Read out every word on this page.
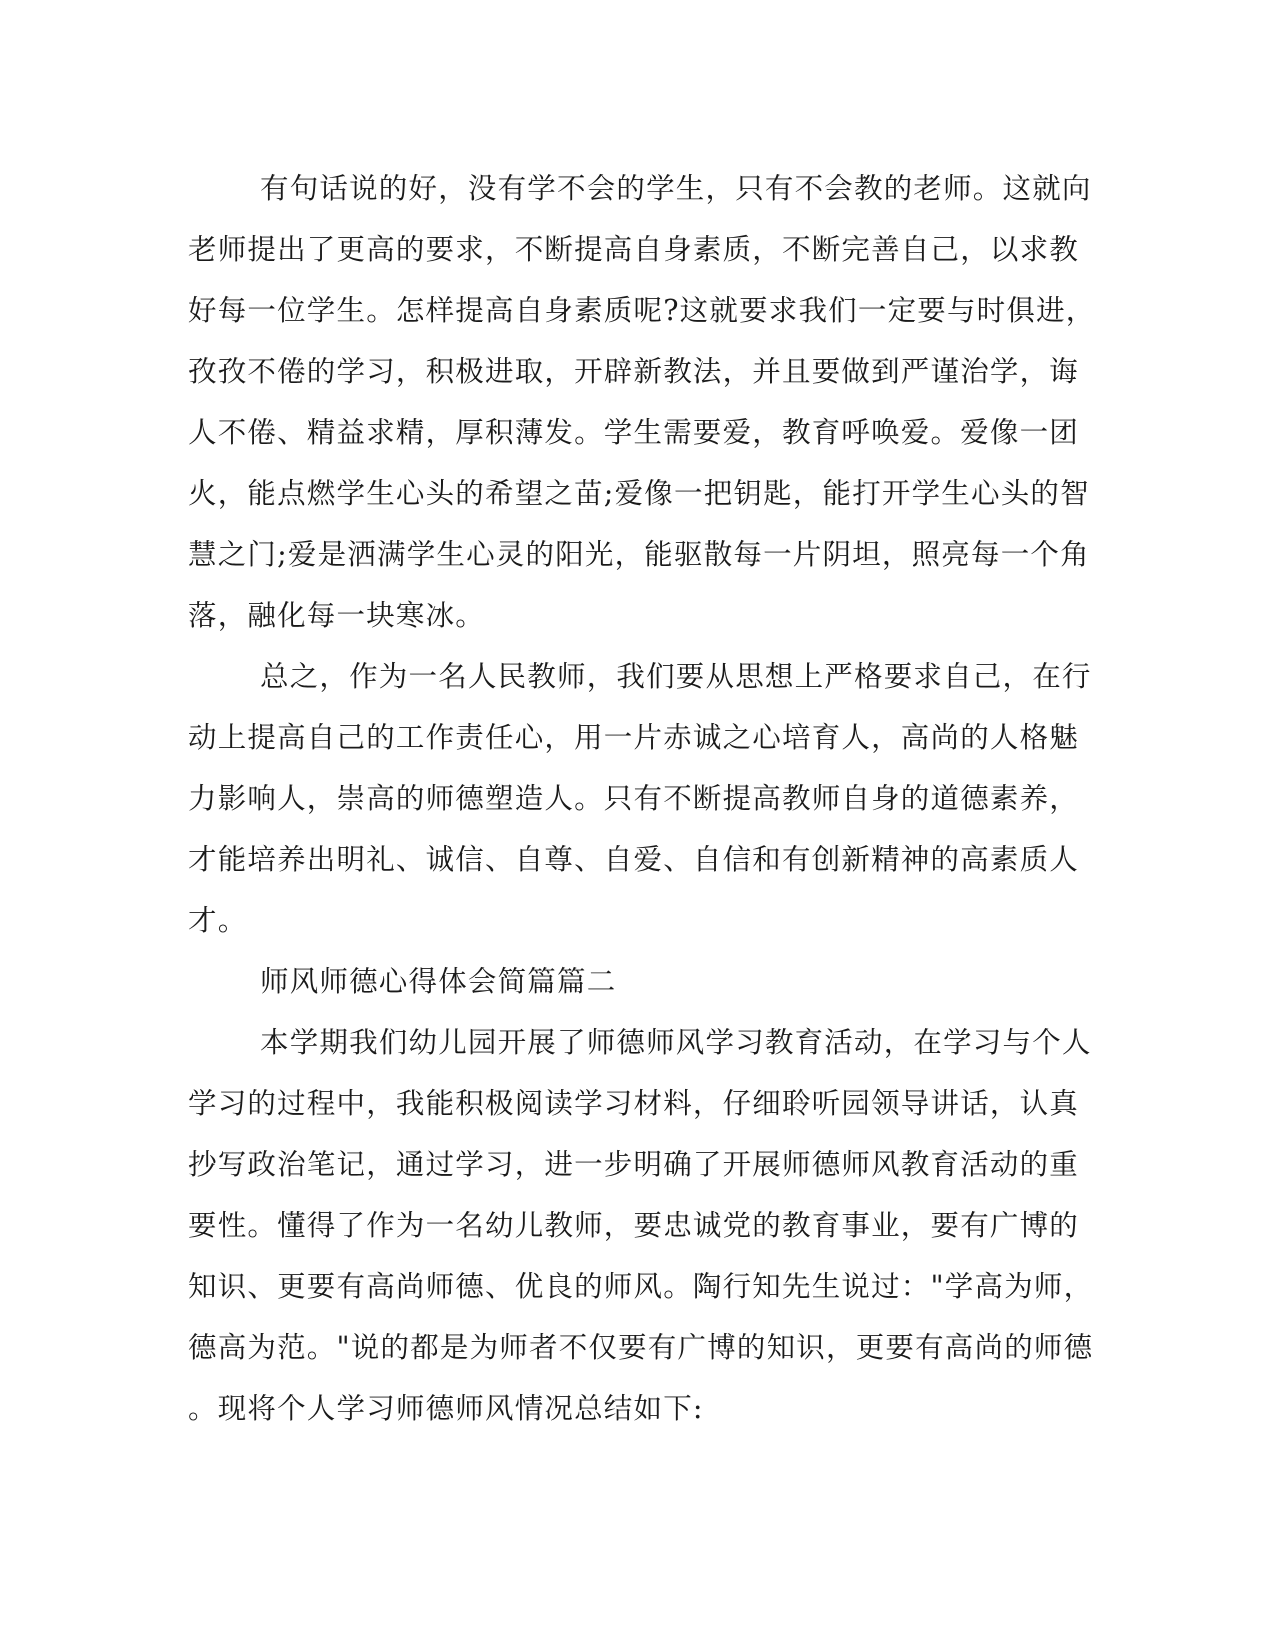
有句话说的好，没有学不会的学生，只有不会教的老师。这就向
老师提出了更高的要求，不断提高自身素质，不断完善自己，以求教
好每一位学生。怎样提高自身素质呢?这就要求我们一定要与时俱进，
孜孜不倦的学习，积极进取，开辟新教法，并且要做到严谨治学，诲
人不倦、精益求精，厚积薄发。学生需要爱，教育呼唤爱。爱像一团
火，能点燃学生心头的希望之苗;爱像一把钥匙，能打开学生心头的智
慧之门;爱是洒满学生心灵的阳光，能驱散每一片阴坦，照亮每一个角
落，融化每一块寒冰。
总之，作为一名人民教师，我们要从思想上严格要求自己，在行
动上提高自己的工作责任心，用一片赤诚之心培育人，高尚的人格魅
力影响人，崇高的师德塑造人。只有不断提高教师自身的道德素养，
才能培养出明礼、诚信、自尊、自爱、自信和有创新精神的高素质人
才。
师风师德心得体会简篇篇二
本学期我们幼儿园开展了师德师风学习教育活动，在学习与个人
学习的过程中，我能积极阅读学习材料，仔细聆听园领导讲话，认真
抄写政治笔记，通过学习，进一步明确了开展师德师风教育活动的重
要性。懂得了作为一名幼儿教师，要忠诚党的教育事业，要有广博的
知识、更要有高尚师德、优良的师风。陶行知先生说过："学高为师，
德高为范。"说的都是为师者不仅要有广博的知识，更要有高尚的师德
。现将个人学习师德师风情况总结如下:
